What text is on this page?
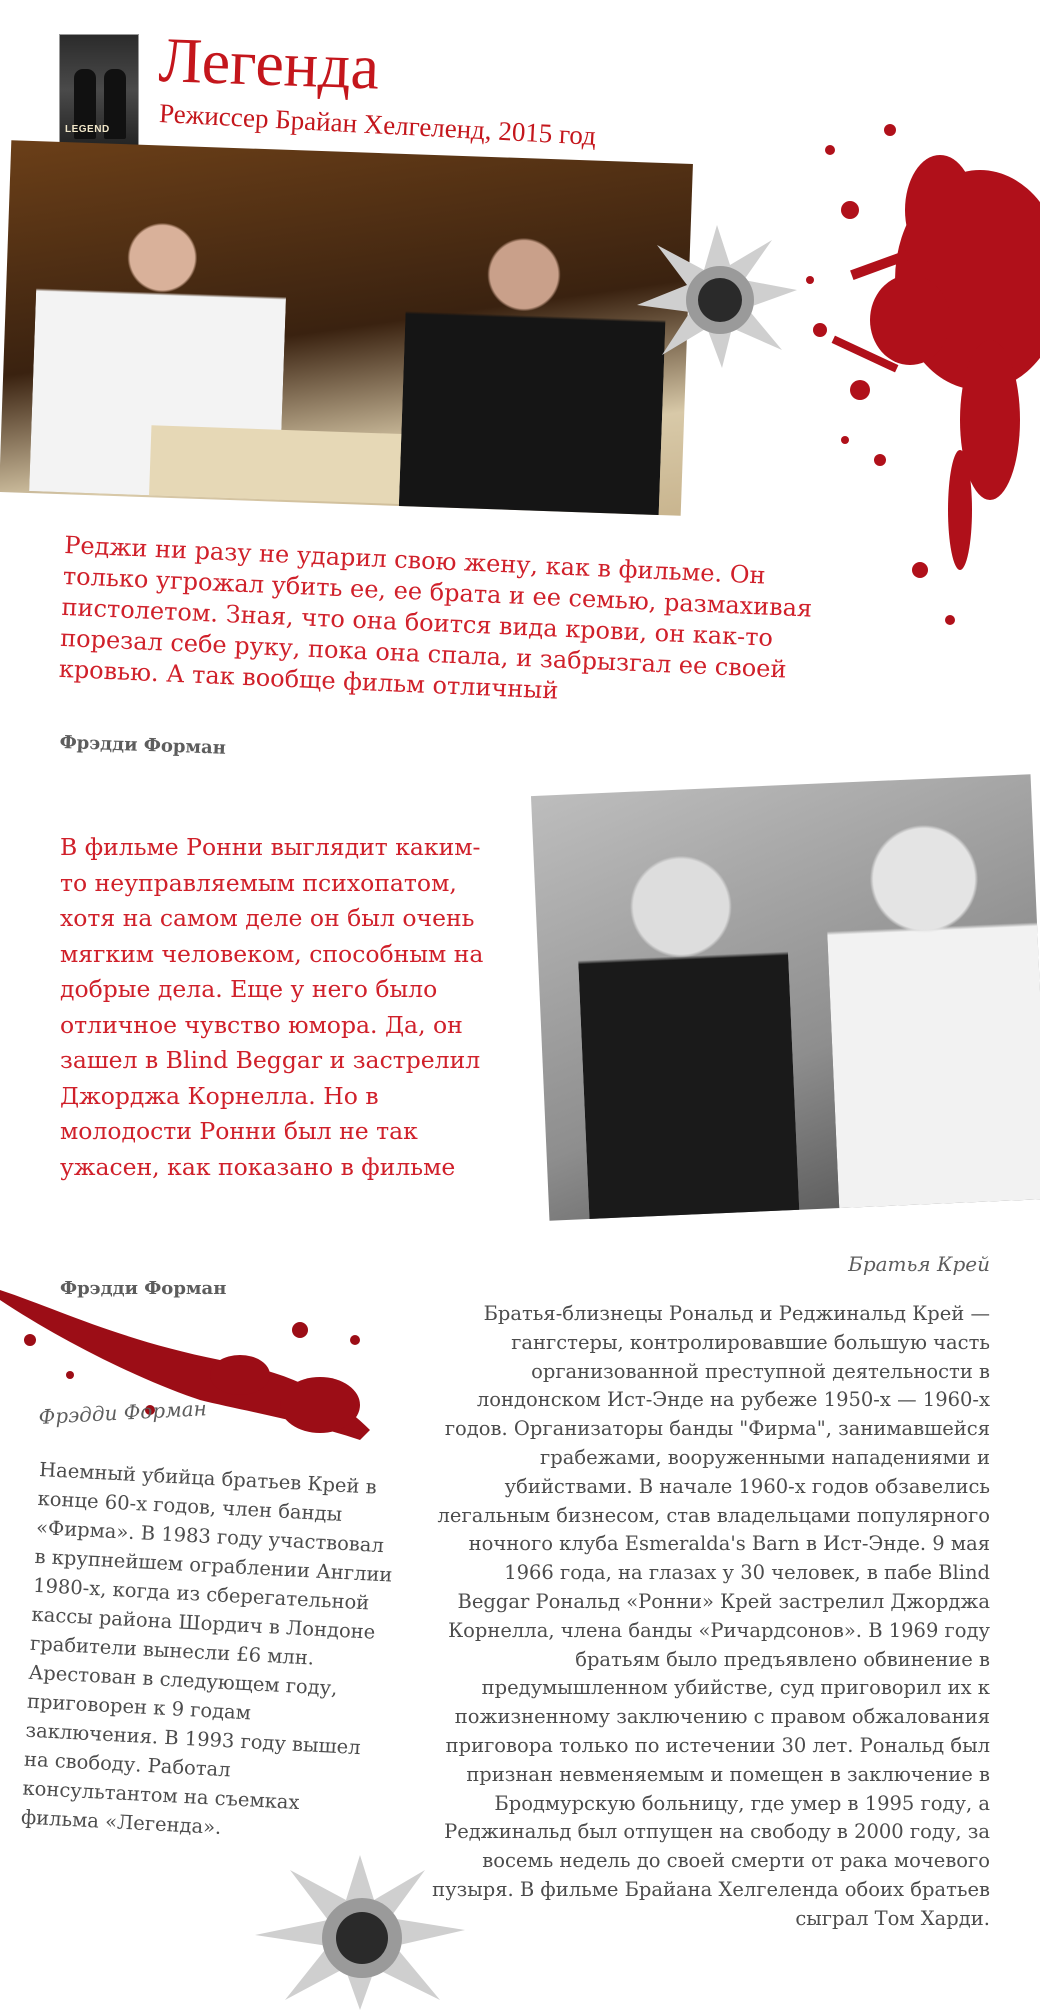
LEGEND
Легенда
Режиссер Брайан Хелгеленд, 2015 год
Реджи ни разу не ударил свою жену, как в фильме. Он только угрожал убить ее, ее брата и ее семью, размахивая пистолетом. Зная, что она боится вида крови, он как-то порезал себе руку, пока она спала, и забрызгал ее своей кровью. А так вообще фильм отличный
Фрэдди Форман
В фильме Ронни выглядит каким-то неуправляемым психопатом, хотя на самом деле он был очень мягким человеком, способным на добрые дела. Еще у него было отличное чувство юмора. Да, он зашел в Blind Beggar и застрелил Джорджа Корнелла. Но в молодости Ронни был не так ужасен, как показано в фильме
Фрэдди Форман
Братья Крей
Фрэдди Форман
Наемный убийца братьев Крей в конце 60-х годов, член банды «Фирма». В 1983 году участвовал в крупнейшем ограблении Англии 1980-х, когда из сберегательной кассы района Шордич в Лондоне грабители вынесли £6 млн. Арестован в следующем году, приговорен к 9 годам заключения. В 1993 году вышел на свободу. Работал консультантом на съемках фильма «Легенда».
Братья-близнецы Рональд и Реджинальд Крей — гангстеры, контролировавшие большую часть организованной преступной деятельности в лондонском Ист-Энде на рубеже 1950-х — 1960-х годов. Организаторы банды "Фирма", занимавшейся грабежами, вооруженными нападениями и убийствами. В начале 1960-х годов обзавелись легальным бизнесом, став владельцами популярного ночного клуба Esmeralda's Barn в Ист-Энде. 9 мая 1966 года, на глазах у 30 человек, в пабе Blind Beggar Рональд «Ронни» Крей застрелил Джорджа Корнелла, члена банды «Ричардсонов». В 1969 году братьям было предъявлено обвинение в предумышленном убийстве, суд приговорил их к пожизненному заключению с правом обжалования приговора только по истечении 30 лет. Рональд был признан невменяемым и помещен в заключение в Бродмурскую больницу, где умер в 1995 году, а Реджинальд был отпущен на свободу в 2000 году, за восемь недель до своей смерти от рака мочевого пузыря. В фильме Брайана Хелгеленда обоих братьев сыграл Том Харди.
